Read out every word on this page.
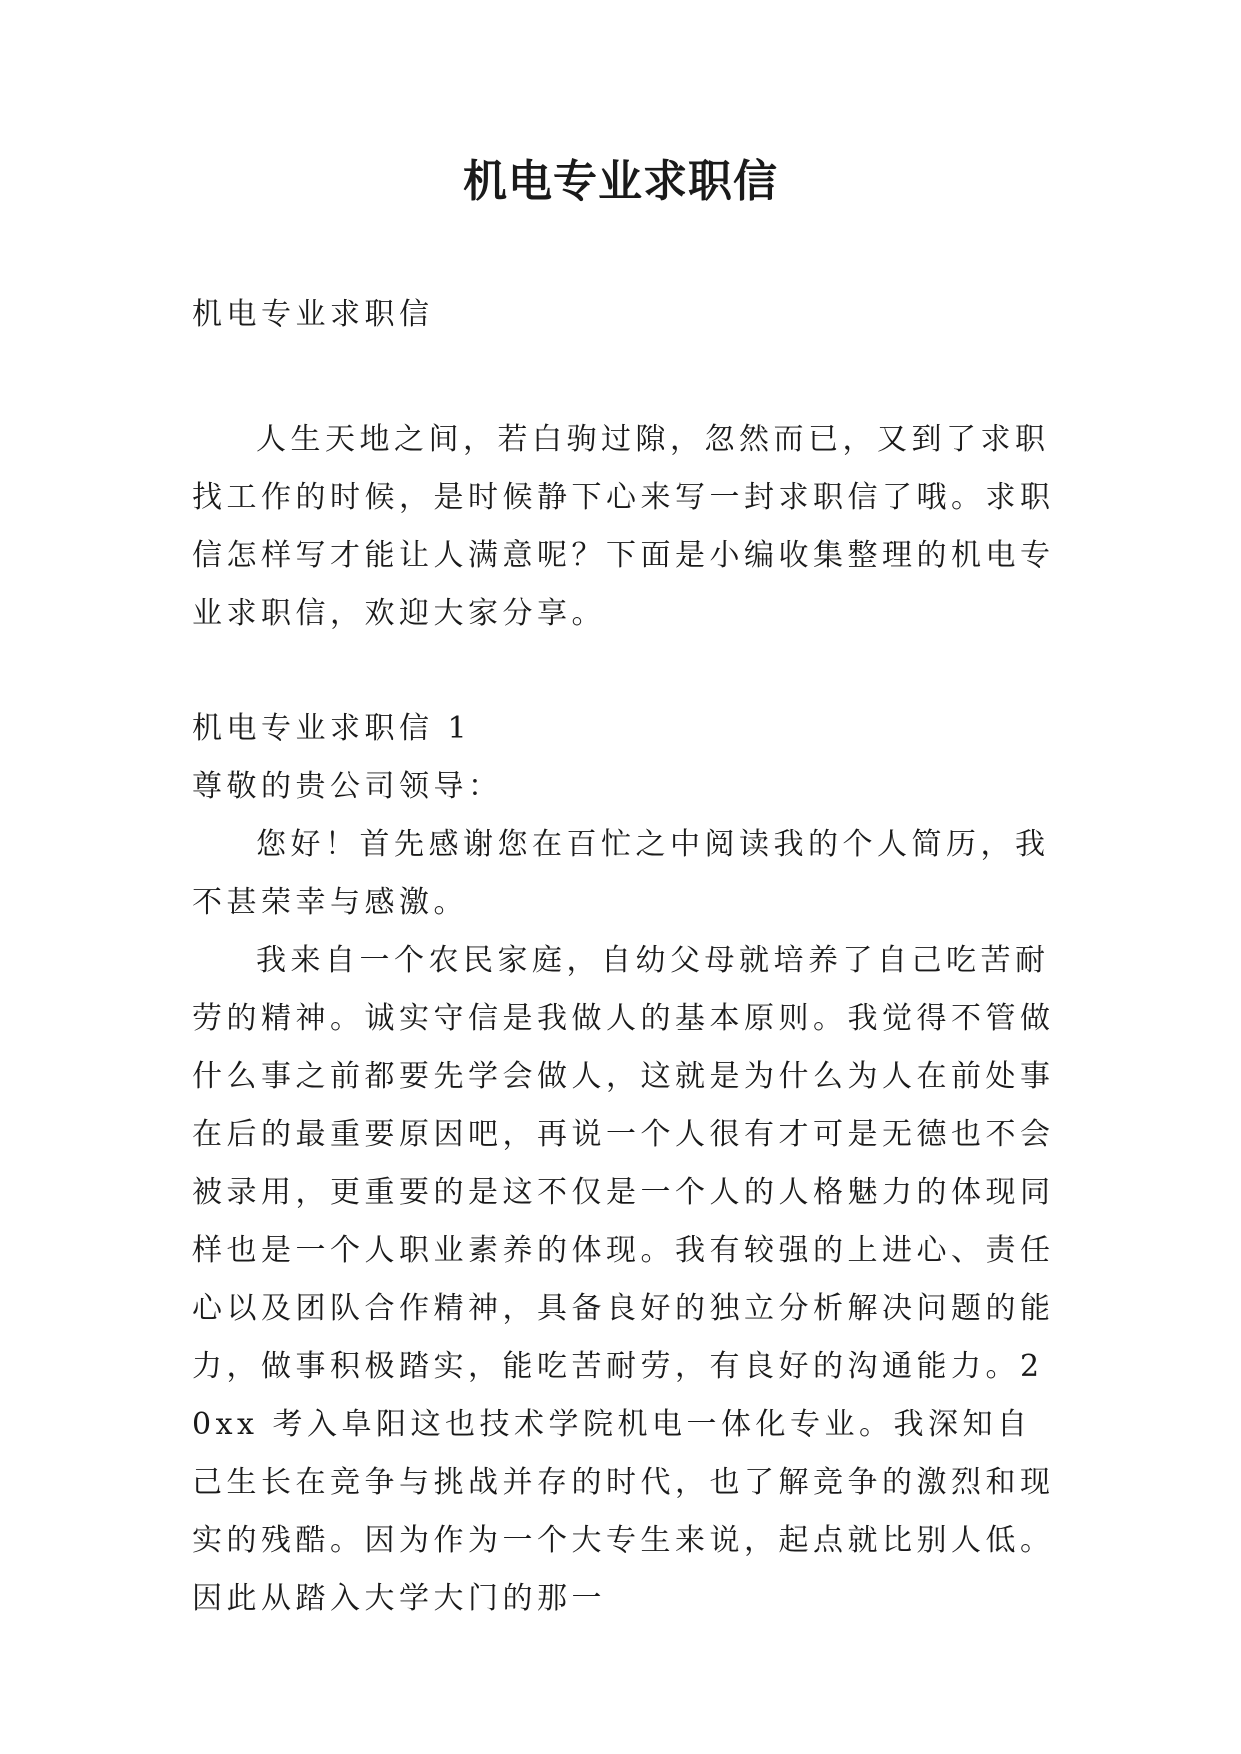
机电专业求职信

机电专业求职信

人生天地之间，若白驹过隙，忽然而已，又到了求职找工作的时候，是时候静下心来写一封求职信了哦。求职信怎样写才能让人满意呢？下面是小编收集整理的机电专业求职信，欢迎大家分享。

机电专业求职信 1

尊敬的贵公司领导：

您好！首先感谢您在百忙之中阅读我的个人简历，我不甚荣幸与感激。

我来自一个农民家庭，自幼父母就培养了自己吃苦耐劳的精神。诚实守信是我做人的基本原则。我觉得不管做什么事之前都要先学会做人，这就是为什么为人在前处事在后的最重要原因吧，再说一个人很有才可是无德也不会被录用，更重要的是这不仅是一个人的人格魅力的体现同样也是一个人职业素养的体现。我有较强的上进心、责任心以及团队合作精神，具备良好的独立分析解决问题的能力，做事积极踏实，能吃苦耐劳，有良好的沟通能力。20xx 考入阜阳这也技术学院机电一体化专业。我深知自己生长在竞争与挑战并存的时代，也了解竞争的激烈和现实的残酷。因为作为一个大专生来说，起点就比别人低。因此从踏入大学大门的那一
